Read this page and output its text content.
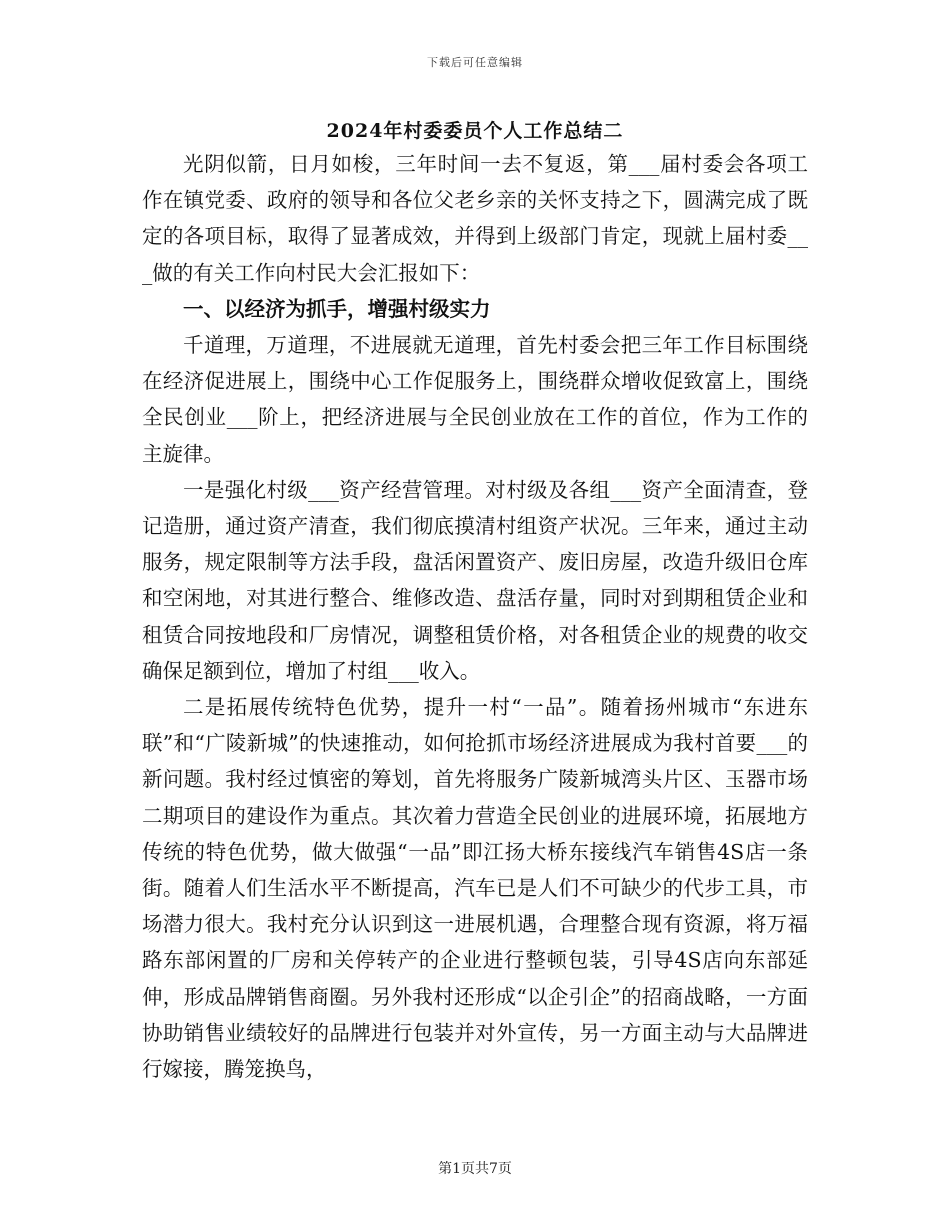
下载后可任意编辑
2024年村委委员个人工作总结二

光阴似箭，日月如梭，三年时间一去不复返，第___届村委会各项工作在镇党委、政府的领导和各位父老乡亲的关怀支持之下，圆满完成了既定的各项目标，取得了显著成效，并得到上级部门肯定，现就上届村委___做的有关工作向村民大会汇报如下：

一、以经济为抓手，增强村级实力

千道理，万道理，不进展就无道理，首先村委会把三年工作目标围绕在经济促进展上，围绕中心工作促服务上，围绕群众增收促致富上，围绕全民创业___阶上，把经济进展与全民创业放在工作的首位，作为工作的主旋律。

一是强化村级___资产经营管理。对村级及各组___资产全面清查，登记造册，通过资产清查，我们彻底摸清村组资产状况。三年来，通过主动服务，规定限制等方法手段，盘活闲置资产、废旧房屋，改造升级旧仓库和空闲地，对其进行整合、维修改造、盘活存量，同时对到期租赁企业和租赁合同按地段和厂房情况，调整租赁价格，对各租赁企业的规费的收交确保足额到位，增加了村组___收入。

二是拓展传统特色优势，提升一村“一品”。随着扬州城市“东进东联”和“广陵新城”的快速推动，如何抢抓市场经济进展成为我村首要___的新问题。我村经过慎密的筹划，首先将服务广陵新城湾头片区、玉器市场二期项目的建设作为重点。其次着力营造全民创业的进展环境，拓展地方传统的特色优势，做大做强“一品”即江扬大桥东接线汽车销售4S店一条街。随着人们生活水平不断提高，汽车已是人们不可缺少的代步工具，市场潜力很大。我村充分认识到这一进展机遇，合理整合现有资源，将万福路东部闲置的厂房和关停转产的企业进行整顿包装，引导4S店向东部延伸，形成品牌销售商圈。另外我村还形成“以企引企”的招商战略，一方面协助销售业绩较好的品牌进行包装并对外宣传，另一方面主动与大品牌进行嫁接，腾笼换鸟，

第1页共7页
